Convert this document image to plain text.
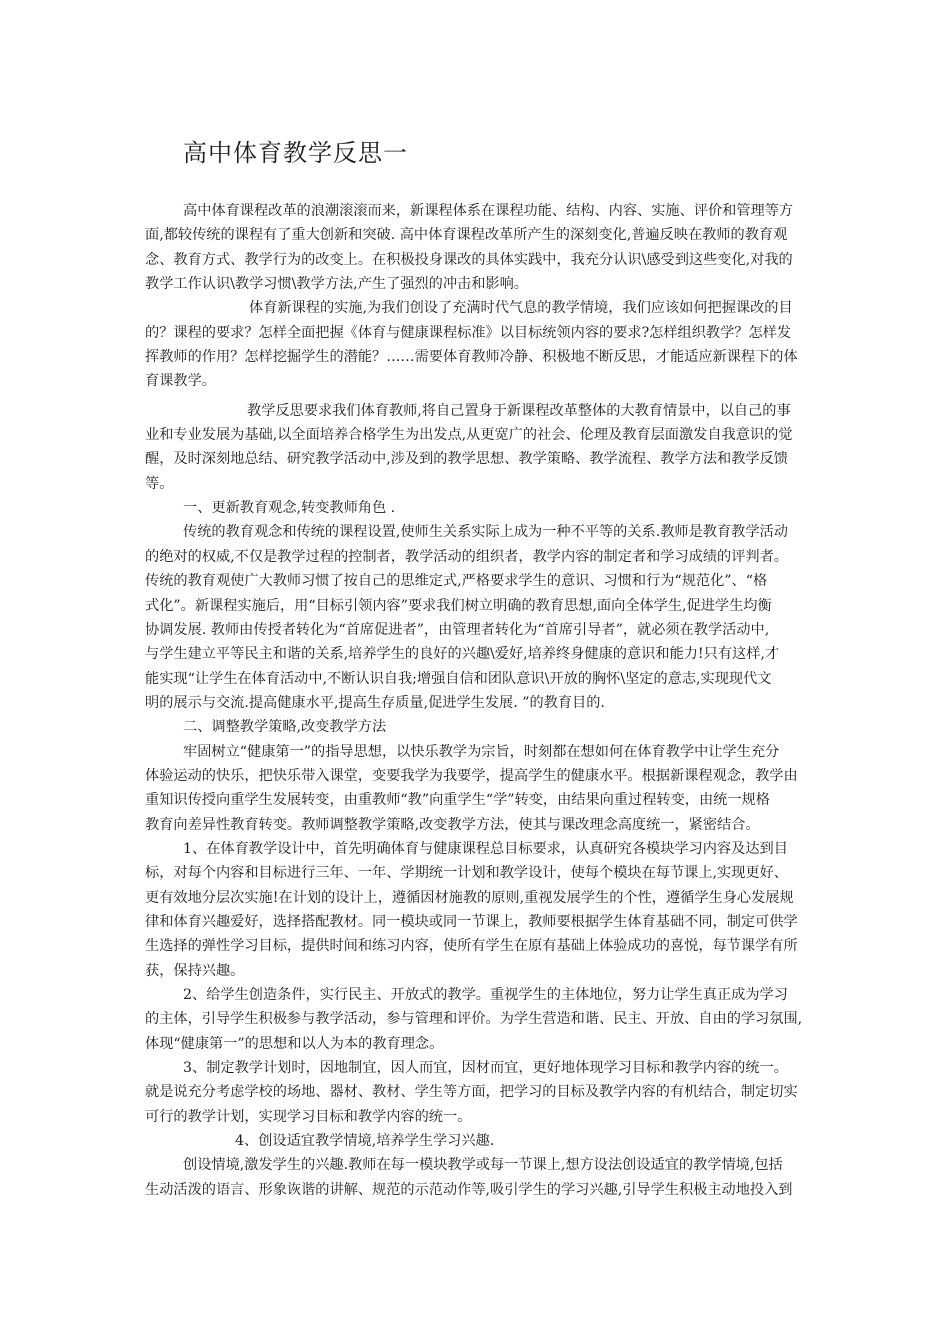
高中体育教学反思一
高中体育课程改革的浪潮滚滚而来，新课程体系在课程功能、结构、内容、实施、评价和管理等方
面,都较传统的课程有了重大创新和突破. 高中体育课程改革所产生的深刻变化,普遍反映在教师的教育观
念、教育方式、教学行为的改变上。在积极投身课改的具体实践中，我充分认识\感受到这些变化,对我的
教学工作认识\教学习惯\教学方法,产生了强烈的冲击和影响。
体育新课程的实施,为我们创设了充满时代气息的教学情境，我们应该如何把握课改的目
的？课程的要求？怎样全面把握《体育与健康课程标准》以目标统领内容的要求?怎样组织教学？怎样发
挥教师的作用？怎样挖掘学生的潜能？……需要体育教师冷静、积极地不断反思，才能适应新课程下的体
育课教学。
教学反思要求我们体育教师,将自己置身于新课程改革整体的大教育情景中，以自己的事
业和专业发展为基础,以全面培养合格学生为出发点,从更宽广的社会、伦理及教育层面激发自我意识的觉
醒，及时深刻地总结、研究教学活动中,涉及到的教学思想、教学策略、教学流程、教学方法和教学反馈
等。
一、更新教育观念,转变教师角色 .
传统的教育观念和传统的课程设置,使师生关系实际上成为一种不平等的关系.教师是教育教学活动
的绝对的权威,不仅是教学过程的控制者，教学活动的组织者，教学内容的制定者和学习成绩的评判者。
传统的教育观使广大教师习惯了按自己的思维定式,严格要求学生的意识、习惯和行为“规范化”、“格
式化”。新课程实施后，用“目标引领内容”要求我们树立明确的教育思想,面向全体学生,促进学生均衡
协调发展. 教师由传授者转化为“首席促进者”，由管理者转化为“首席引导者”，就必须在教学活动中,
与学生建立平等民主和谐的关系,培养学生的良好的兴趣\爱好,培养终身健康的意识和能力!只有这样,才
能实现“让学生在体育活动中,不断认识自我;增强自信和团队意识\开放的胸怀\坚定的意志,实现现代文
明的展示与交流.提高健康水平,提高生存质量,促进学生发展. ”的教育目的.
二、调整教学策略,改变教学方法
牢固树立“健康第一”的指导思想，以快乐教学为宗旨，时刻都在想如何在体育教学中让学生充分
体验运动的快乐，把快乐带入课堂，变要我学为我要学，提高学生的健康水平。根据新课程观念，教学由
重知识传授向重学生发展转变，由重教师“教”向重学生“学”转变，由结果向重过程转变，由统一规格
教育向差异性教育转变。教师调整教学策略,改变教学方法，使其与课改理念高度统一，紧密结合。
1、在体育教学设计中，首先明确体育与健康课程总目标要求，认真研究各模块学习内容及达到目
标，对每个内容和目标进行三年、一年、学期统一计划和教学设计，使每个模块在每节课上,实现更好、
更有效地分层次实施!在计划的设计上，遵循因材施教的原则,重视发展学生的个性，遵循学生身心发展规
律和体育兴趣爱好，选择搭配教材。同一模块或同一节课上，教师要根据学生体育基础不同，制定可供学
生选择的弹性学习目标，提供时间和练习内容，使所有学生在原有基础上体验成功的喜悦，每节课学有所
获，保持兴趣。
2、给学生创造条件，实行民主、开放式的教学。重视学生的主体地位，努力让学生真正成为学习
的主体，引导学生积极参与教学活动，参与管理和评价。为学生营造和谐、民主、开放、自由的学习氛围,
体现“健康第一”的思想和以人为本的教育理念。
3、制定教学计划时，因地制宜，因人而宜，因材而宜，更好地体现学习目标和教学内容的统一。
就是说充分考虑学校的场地、器材、教材、学生等方面，把学习的目标及教学内容的有机结合，制定切实
可行的教学计划，实现学习目标和教学内容的统一。
4、创设适宜教学情境,培养学生学习兴趣.
创设情境,激发学生的兴趣.教师在每一模块教学或每一节课上,想方设法创设适宜的教学情境,包括
生动活泼的语言、形象诙谐的讲解、规范的示范动作等,吸引学生的学习兴趣,引导学生积极主动地投入到
